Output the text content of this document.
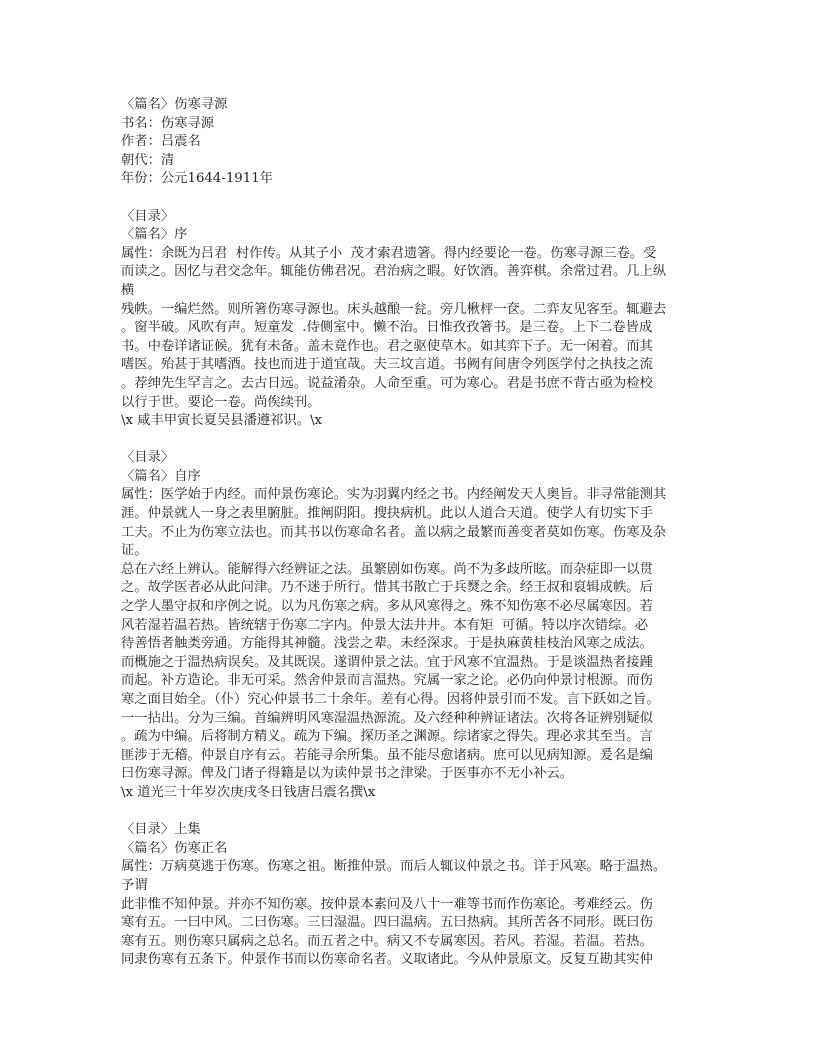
〈篇名〉伤寒寻源
书名：伤寒寻源
作者：吕震名
朝代：清
年份：公元1644-1911年
〈目录〉
〈篇名〉序
属性：余既为吕君  村作传。从其子小  茂才索君遗箸。得内经要论一卷。伤寒寻源三卷。受
而读之。因忆与君交念年。辄能仿佛君况。君治病之暇。好饮酒。善弈棋。余常过君。几上纵
横
残帙。一编烂然。则所箸伤寒寻源也。床头越酿一瓮。旁几楸枰一奁。二弈友见客至。辄避去
。窗半破。风吹有声。短童发  .侍侧室中。懒不治。日惟孜孜箸书。是三卷。上下二卷皆成
书。中卷详诸证候。犹有未备。盖未竟作也。君之驱使草木。如其弈下子。无一闲着。而其
嗜医。殆甚于其嗜酒。技也而进于道宜哉。夫三坟言道。书阙有间唐令列医学付之执技之流
。荐绅先生罕言之。去古日远。说益淆杂。人命至重。可为寒心。君是书庶不背古亟为检校
以行于世。要论一卷。尚俟续刊。
\x 咸丰甲寅长夏吴县潘遵祁识。\x
〈目录〉
〈篇名〉自序
属性：医学始于内经。而仲景伤寒论。实为羽翼内经之书。内经阐发天人奥旨。非寻常能测其
涯。仲景就人一身之表里腑脏。推阐阴阳。搜抉病机。此以人道合天道。使学人有切实下手
工夫。不止为伤寒立法也。而其书以伤寒命名者。盖以病之最繁而善变者莫如伤寒。伤寒及杂
证。
总在六经上辨认。能解得六经辨证之法。虽繁剧如伤寒。尚不为多歧所眩。而杂症即一以贯
之。故学医者必从此问津。乃不迷于所行。惜其书散亡于兵燹之余。经王叔和裒辑成帙。后
之学人墨守叔和序例之说。以为凡伤寒之病。多从风寒得之。殊不知伤寒不必尽属寒因。若
风若湿若温若热。皆统辖于伤寒二字内。仲景大法井井。本有矩  可循。特以序次错综。必
待善悟者触类旁通。方能得其神髓。浅尝之辈。未经深求。于是执麻黄桂枝治风寒之成法。
而概施之于温热病误矣。及其既误。遂谓仲景之法。宜于风寒不宜温热。于是谈温热者接踵
而起。补方造论。非无可采。然舍仲景而言温热。究属一家之论。必仍向仲景讨根源。而伤
寒之面目始全。（仆）究心仲景书二十余年。差有心得。因将仲景引而不发。言下跃如之旨。
一一拈出。分为三编。首编辨明风寒湿温热源流。及六经种种辨证诸法。次将各证辨别疑似
。疏为中编。后将制方精义。疏为下编。探历圣之渊源。综诸家之得失。理必求其至当。言
匪涉于无稽。仲景自序有云。若能寻余所集。虽不能尽愈诸病。庶可以见病知源。爰名是编
曰伤寒寻源。俾及门诸子得籍是以为读仲景书之津梁。于医事亦不无小补云。
\x 道光三十年岁次庚戌冬日钱唐吕震名撰\x
〈目录〉上集
〈篇名〉伤寒正名
属性：万病莫逃于伤寒。伤寒之祖。断推仲景。而后人辄议仲景之书。详于风寒。略于温热。
予谓
此非惟不知仲景。并亦不知伤寒。按仲景本素问及八十一难等书而作伤寒论。考难经云。伤
寒有五。一曰中风。二曰伤寒。三曰湿温。四曰温病。五曰热病。其所苦各不同形。既曰伤
寒有五。则伤寒只属病之总名。而五者之中。病又不专属寒因。若风。若湿。若温。若热。
同隶伤寒有五条下。仲景作书而以伤寒命名者。义取诸此。今从仲景原文。反复互勘其实仲
